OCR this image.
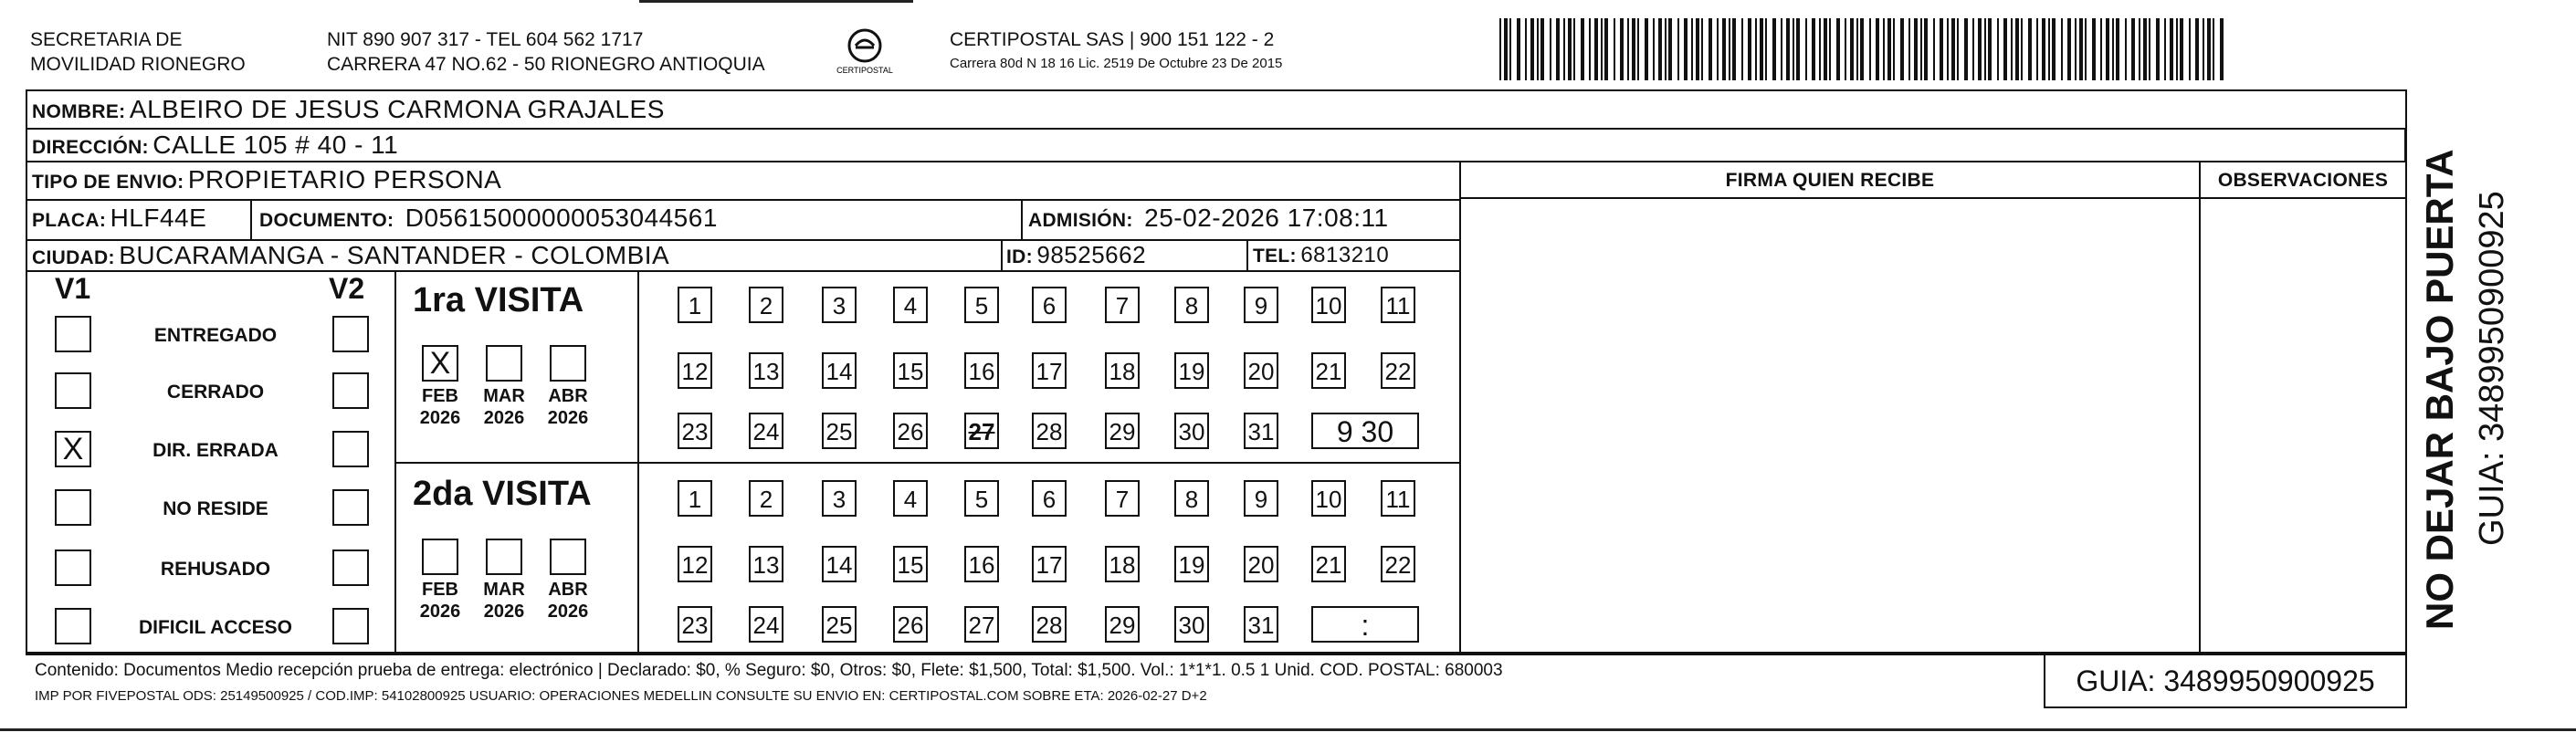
SECRETARIA DE
MOVILIDAD RIONEGRO
NIT 890 907 317 - TEL 604 562 1717
CARRERA 47 NO.62 - 50 RIONEGRO ANTIOQUIA	CERTIPOSTAL
CERTIPOSTAL SAS | 900 151 122 - 2
Carrera 80d N 18 16 Lic. 2519 De Octubre 23 De 2015
NOMBRE: ALBEIRO DE JESUS CARMONA GRAJALES
DIRECCIÓN: CALLE 105 # 40 - 11
TIPO DE ENVIO: PROPIETARIO PERSONA	FIRMA QUIEN RECIBE	OBSERVACIONES
PLACA: HLF44E	DOCUMENTO: D05615000000053044561	ADMISIÓN: 25-02-2026 17:08:11
CIUDAD: BUCARAMANGA - SANTANDER - COLOMBIA	ID: 98525662	TEL: 6813210
V1	V2
ENTREGADO
CERRADO
X	DIR. ERRADA
NO RESIDE
REHUSADO
DIFICIL ACCESO
1ra VISITA
X
FEB
2026
MAR
2026
ABR
2026
1	2	3	4	5	6	7	8	9	10 11
12 13 14 15 16 17 18 19 20 21 22
23 24 25 26 27 28 29 30 31	9 30
2da VISITA
FEB
2026
MAR
2026
ABR
2026
1	2	3	4	5	6	7	8	9	10 11
12 13 14 15 16 17 18 19 20 21 22
23 24 25 26 27 28 29 30 31	:
Contenido: Documentos Medio recepción prueba de entrega: electrónico | Declarado: $0, % Seguro: $0, Otros: $0, Flete: $1,500, Total: $1,500. Vol.: 1*1*1. 0.5 1 Unid. COD. POSTAL: 680003
IMP POR FIVEPOSTAL ODS: 25149500925 / COD.IMP: 54102800925 USUARIO: OPERACIONES MEDELLIN CONSULTE SU ENVIO EN: CERTIPOSTAL.COM SOBRE ETA: 2026-02-27 D+2	GUIA: 3489950900925
NO DEJAR BAJO PUERTA GUIA: 3489950900925
